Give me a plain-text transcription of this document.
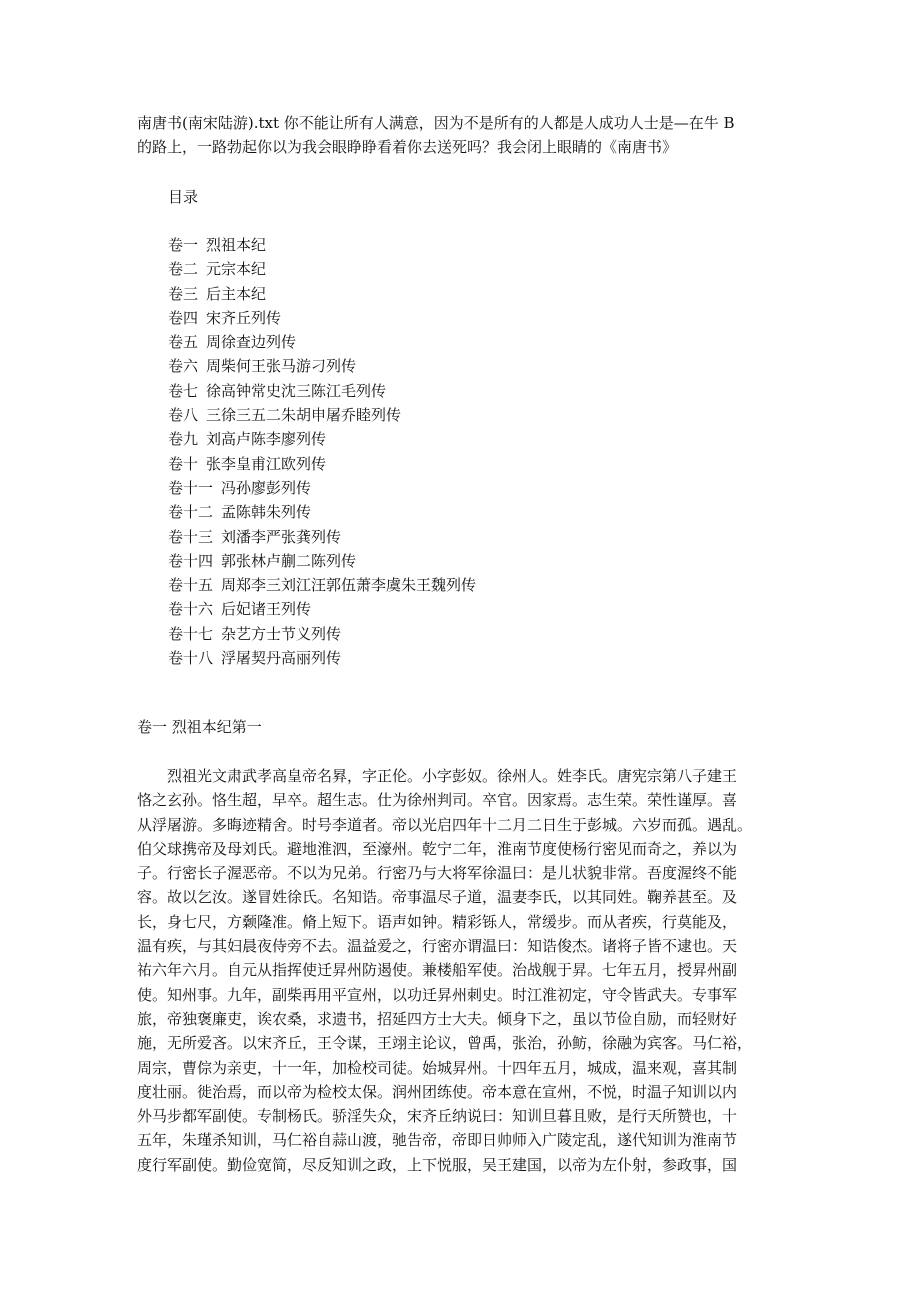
南唐书(南宋陆游).txt 你不能让所有人满意，因为不是所有的人都是人成功人士是—在牛 B
的路上，一路勃起你以为我会眼睁睁看着你去送死吗？我会闭上眼睛的《南唐书》

目录
卷一 烈祖本纪
卷二 元宗本纪
卷三 后主本纪
卷四 宋齐丘列传
卷五 周徐查边列传
卷六 周柴何王张马游刁列传
卷七 徐高钟常史沈三陈江毛列传
卷八 三徐三五二朱胡申屠乔睦列传
卷九 刘高卢陈李廖列传
卷十 张李皇甫江欧列传
卷十一 冯孙廖彭列传
卷十二 孟陈韩朱列传
卷十三 刘潘李严张龚列传
卷十四 郭张林卢蒯二陈列传
卷十五 周郑李三刘江汪郭伍萧李虞朱王魏列传
卷十六 后妃诸王列传
卷十七 杂艺方士节义列传
卷十八 浮屠契丹高丽列传
卷一 烈祖本纪第一

烈祖光文肃武孝高皇帝名昪，字正伦。小字彭奴。徐州人。姓李氏。唐宪宗第八子建王
恪之玄孙。恪生超，早卒。超生志。仕为徐州判司。卒官。因家焉。志生荣。荣性谨厚。喜
从浮屠游。多晦迹精舍。时号李道者。帝以光启四年十二月二日生于彭城。六岁而孤。遇乱。
伯父球携帝及母刘氏。避地淮泗，至濠州。乾宁二年，淮南节度使杨行密见而奇之，养以为
子。行密长子渥恶帝。不以为兄弟。行密乃与大将军徐温曰：是儿状貌非常。吾度渥终不能
容。故以乞汝。遂冒姓徐氏。名知诰。帝事温尽子道，温妻李氏，以其同姓。鞠养甚至。及
长，身七尺，方颡隆准。脩上短下。语声如钟。精彩铄人，常缓步。而从者疾，行莫能及，
温有疾，与其妇晨夜侍旁不去。温益爱之，行密亦谓温曰：知诰俊杰。诸将子皆不逮也。天
祐六年六月。自元从指挥使迁昇州防遏使。兼楼船军使。治战舰于昇。七年五月，授昇州副
使。知州事。九年，副柴再用平宣州，以功迁昇州刺史。时江淮初定，守令皆武夫。专事军
旅，帝独褒廉吏，诶农桑，求遗书，招延四方士大夫。倾身下之，虽以节俭自励，而轻财好
施，无所爱吝。以宋齐丘，王令谋，王翊主论议，曾禹，张治，孙鲂，徐融为宾客。马仁裕，
周宗，曹倧为亲吏，十一年，加检校司徒。始城昇州。十四年五月，城成，温来观，喜其制
度壮丽。徙治焉，而以帝为检校太保。润州团练使。帝本意在宣州，不悦，时温子知训以内
外马步都军副使。专制杨氏。骄淫失众，宋齐丘纳说曰：知训旦暮且败，是行天所赞也，十
五年，朱瑾杀知训，马仁裕自蒜山渡，驰告帝，帝即日帅师入广陵定乱，遂代知训为淮南节
度行军副使。勤俭宽简，尽反知训之政，上下悦服，吴王建国，以帝为左仆射，参政事，国
